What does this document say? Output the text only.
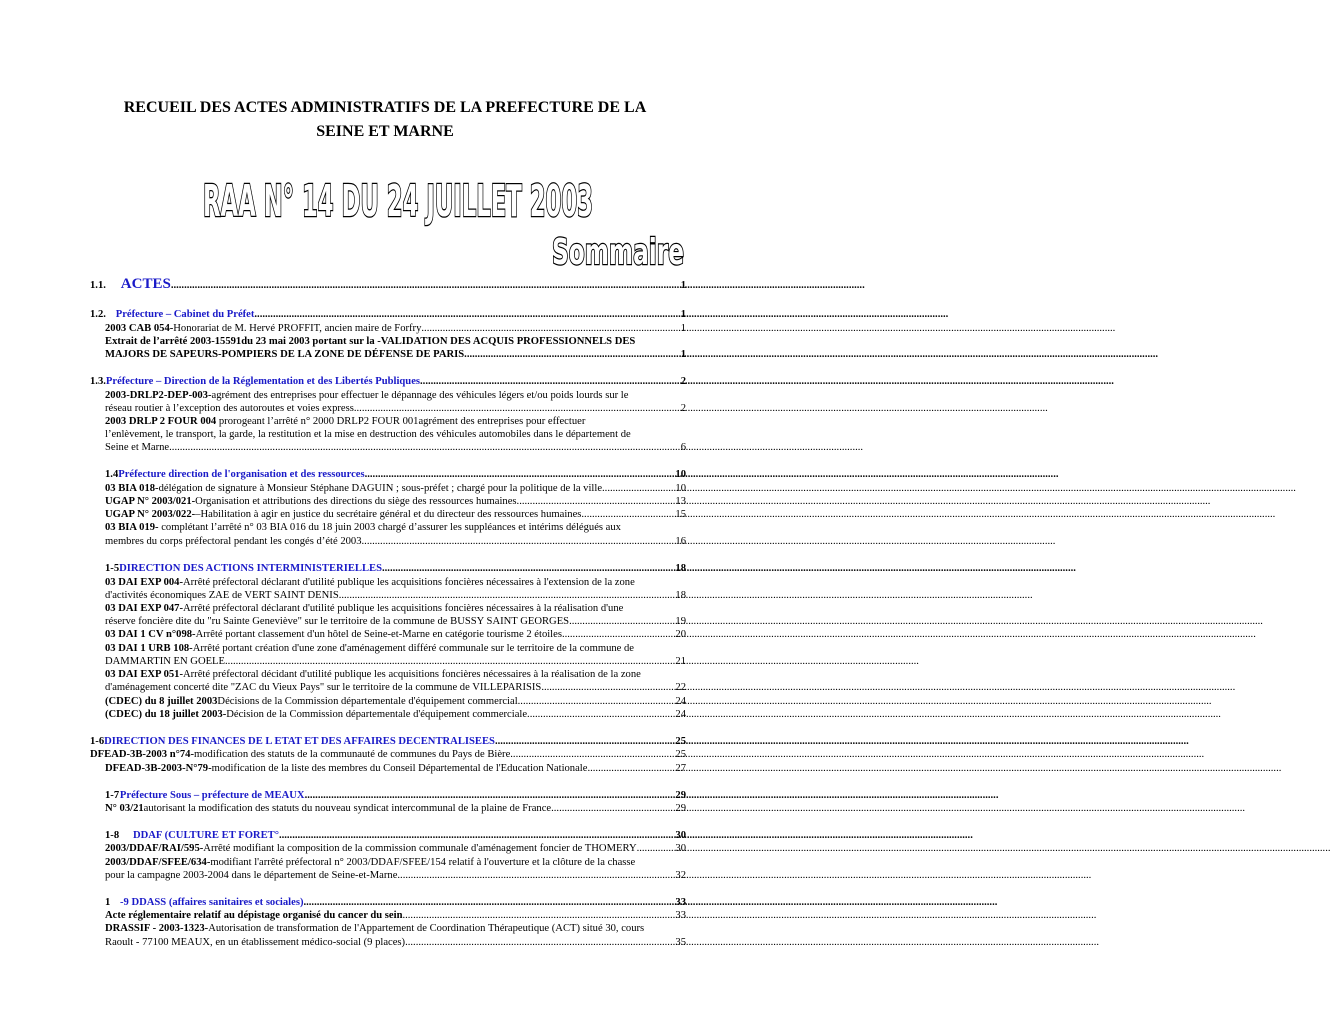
RECUEIL DES ACTES ADMINISTRATIFS DE LA PREFECTURE DE LA
SEINE ET MARNE
RAA N° 14 DU 24 JUILLET 2003
Sommaire
1.1. ACTES .....	1
1.2. Préfecture – Cabinet du Préfet .....	1
2003 CAB 054- Honorariat de M. Hervé PROFFIT, ancien maire de Forfry .....	1
Extrait de l’arrêté 2003-15591du 23 mai 2003 portant sur la -VALIDATION DES ACQUIS PROFESSIONNELS DES
MAJORS DE SAPEURS-POMPIERS DE LA ZONE DE DÉFENSE DE PARIS .....	1
1.3. Préfecture – Direction de la Réglementation et des Libertés Publiques .....	2
2003-DRLP2-DEP-003-agrément des entreprises pour effectuer le dépannage des véhicules légers et/ou poids lourds sur le
réseau routier à l’exception des autoroutes et voies express .....	2
2003 DRLP 2 FOUR 004 prorogeant l’arrêté n° 2000 DRLP2 FOUR 001agrément des entreprises pour effectuer
l’enlèvement, le transport, la garde, la restitution et la mise en destruction des véhicules automobiles dans le département de
Seine et Marne .....	6
1.4 Préfecture direction de l'organisation et des ressources .....	10
03 BIA 018- délégation de signature à Monsieur Stéphane DAGUIN ; sous-préfet ; chargé pour la politique de la ville .....	10
UGAP N° 2003/021- Organisation et attributions des directions du siège des ressources humaines .....	13
UGAP N° 2003/022- –Habilitation à agir en justice du secrétaire général et du directeur des ressources humaines .....	15
03 BIA 019- complétant l’arrêté n° 03 BIA 016 du 18 juin 2003 chargé d’assurer les suppléances et intérims délégués aux
membres du corps préfectoral pendant les congés d’été 2003 .....	16
1-5 DIRECTION DES ACTIONS INTERMINISTERIELLES .....	18
03 DAI EXP 004-Arrêté préfectoral déclarant d'utilité publique les acquisitions foncières nécessaires à l'extension de la zone
d'activités économiques ZAE de VERT SAINT DENIS .....	18
03 DAI EXP 047-Arrêté préfectoral déclarant d'utilité publique les acquisitions foncières nécessaires à la réalisation d'une
réserve foncière dite du "ru Sainte Geneviève" sur le territoire de la commune de BUSSY SAINT GEORGES .....	19
03 DAI 1 CV n°098- Arrêté portant classement d'un hôtel de Seine-et-Marne en catégorie tourisme 2 étoiles .....	20
03 DAI 1 URB 108-Arrêté portant création d'une zone d'aménagement différé communale sur le territoire de la commune de
DAMMARTIN EN GOELE .....	21
03 DAI EXP 051-Arrêté préfectoral décidant d'utilité publique les acquisitions foncières nécessaires à la réalisation de la zone
d'aménagement concerté dite "ZAC du Vieux Pays" sur le territoire de la commune de VILLEPARISIS .....	22
(CDEC) du 8 juillet 2003 Décisions de la Commission départementale d'équipement commercial .....	24
(CDEC) du 18 juillet 2003- Décision de la Commission départementale d'équipement commerciale .....	24
1-6 DIRECTION DES FINANCES DE L ETAT ET DES AFFAIRES DECENTRALISEES .....	25
DFEAD-3B-2003 n°74- modification des statuts de la communauté de communes du Pays de Bière .....	25
DFEAD-3B-2003-N°79- modification de la liste des membres du Conseil Départemental de l'Education Nationale .....	27
1-7 Préfecture Sous – préfecture de MEAUX .....	29
N° 03/21 autorisant la modification des statuts du nouveau syndicat intercommunal de la plaine de France .....	29
1-8	DDAF (CULTURE ET FORET° .....	30
2003/DDAF/RAI/595- Arrêté modifiant la composition de la commission communale d'aménagement foncier de THOMERY .....	30
2003/DDAF/SFEE/634-modifiant l'arrêté préfectoral n° 2003/DDAF/SFEE/154 relatif à l'ouverture et la clôture de la chasse
pour la campagne 2003-2004 dans le département de Seine-et-Marne .....	32
1 -9 DDASS (affaires sanitaires et sociales) .....	33
Acte réglementaire relatif au dépistage organisé du cancer du sein .....	33
DRASSIF - 2003-1323-Autorisation de transformation de l'Appartement de Coordination Thérapeutique (ACT) situé 30, cours
Raoult - 77100 MEAUX, en un établissement médico-social (9 places) .....	35
